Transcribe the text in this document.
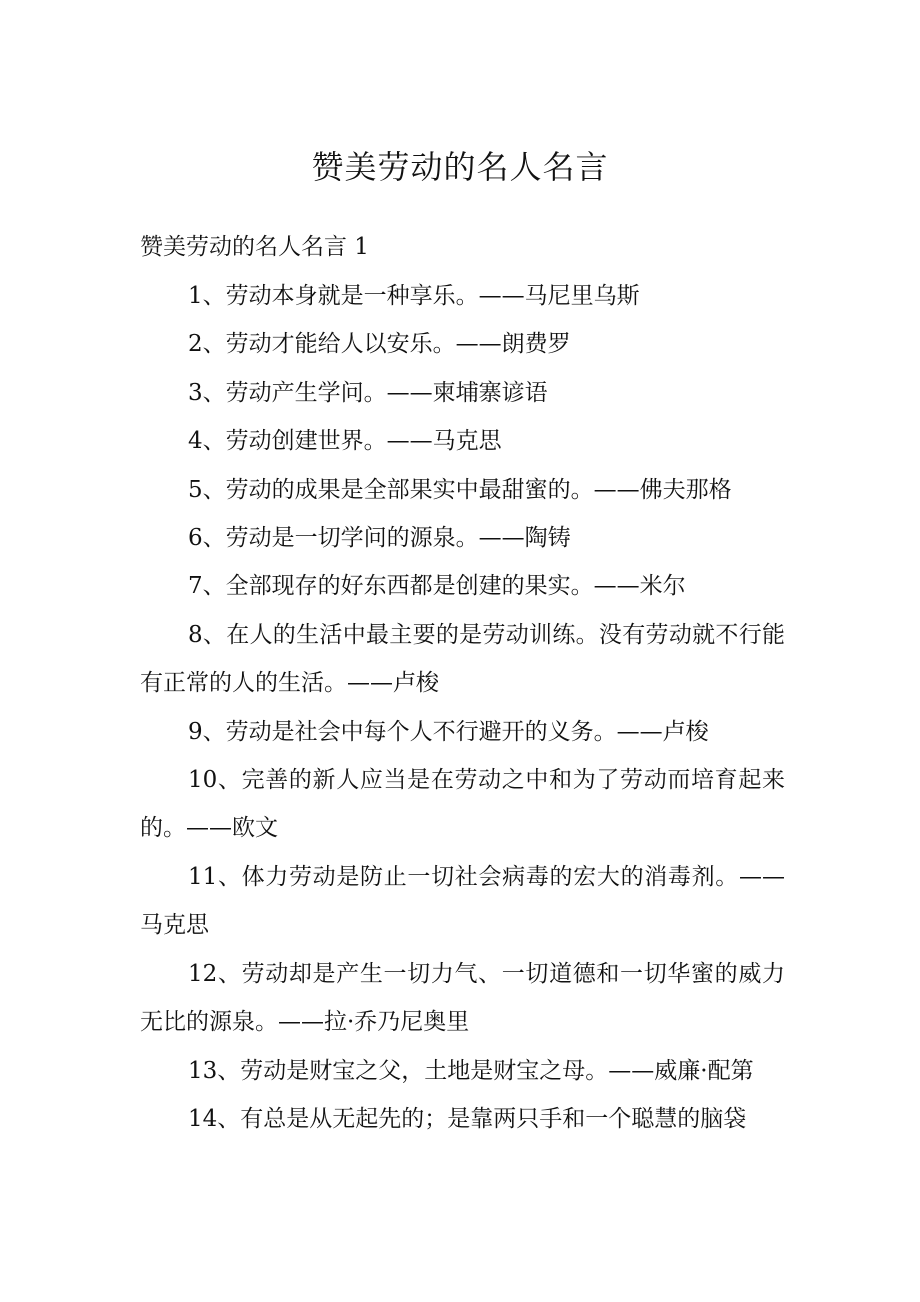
赞美劳动的名人名言
赞美劳动的名人名言 1
1、劳动本身就是一种享乐。——马尼里乌斯
2、劳动才能给人以安乐。——朗费罗
3、劳动产生学问。——柬埔寨谚语
4、劳动创建世界。——马克思
5、劳动的成果是全部果实中最甜蜜的。——佛夫那格
6、劳动是一切学问的源泉。——陶铸
7、全部现存的好东西都是创建的果实。——米尔
8、在人的生活中最主要的是劳动训练。没有劳动就不行能有正常的人的生活。——卢梭
9、劳动是社会中每个人不行避开的义务。——卢梭
10、完善的新人应当是在劳动之中和为了劳动而培育起来的。——欧文
11、体力劳动是防止一切社会病毒的宏大的消毒剂。——马克思
12、劳动却是产生一切力气、一切道德和一切华蜜的威力无比的源泉。——拉·乔乃尼奥里
13、劳动是财宝之父，土地是财宝之母。——威廉·配第
14、有总是从无起先的；是靠两只手和一个聪慧的脑袋
